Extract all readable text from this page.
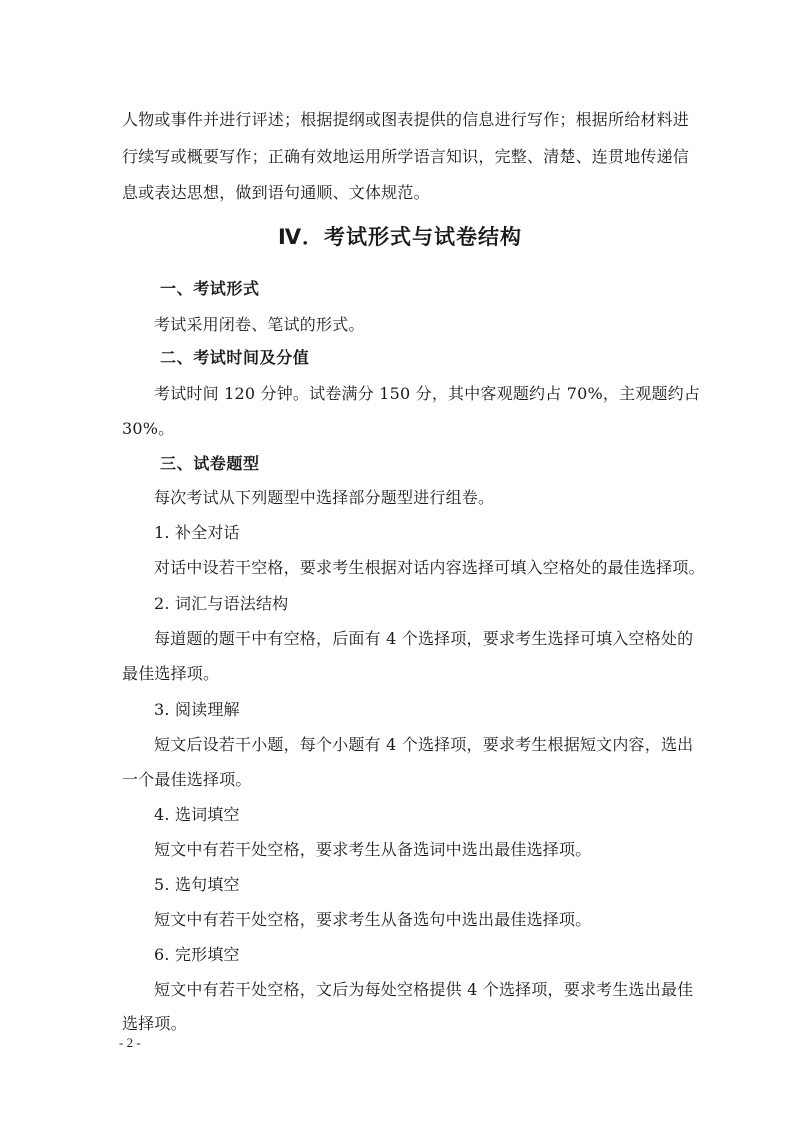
人物或事件并进行评述；根据提纲或图表提供的信息进行写作；根据所给材料进
行续写或概要写作；正确有效地运用所学语言知识，完整、清楚、连贯地传递信
息或表达思想，做到语句通顺、文体规范。
Ⅳ．考试形式与试卷结构
一、考试形式
考试采用闭卷、笔试的形式。
二、考试时间及分值
考试时间 120 分钟。试卷满分 150 分，其中客观题约占 70%，主观题约占
30%。
三、试卷题型
每次考试从下列题型中选择部分题型进行组卷。
1. 补全对话
对话中设若干空格，要求考生根据对话内容选择可填入空格处的最佳选择项。
2. 词汇与语法结构
每道题的题干中有空格，后面有 4 个选择项，要求考生选择可填入空格处的
最佳选择项。
3. 阅读理解
短文后设若干小题，每个小题有 4 个选择项，要求考生根据短文内容，选出
一个最佳选择项。
4. 选词填空
短文中有若干处空格，要求考生从备选词中选出最佳选择项。
5. 选句填空
短文中有若干处空格，要求考生从备选句中选出最佳选择项。
6. 完形填空
短文中有若干处空格，文后为每处空格提供 4 个选择项，要求考生选出最佳
选择项。
- 2 -
